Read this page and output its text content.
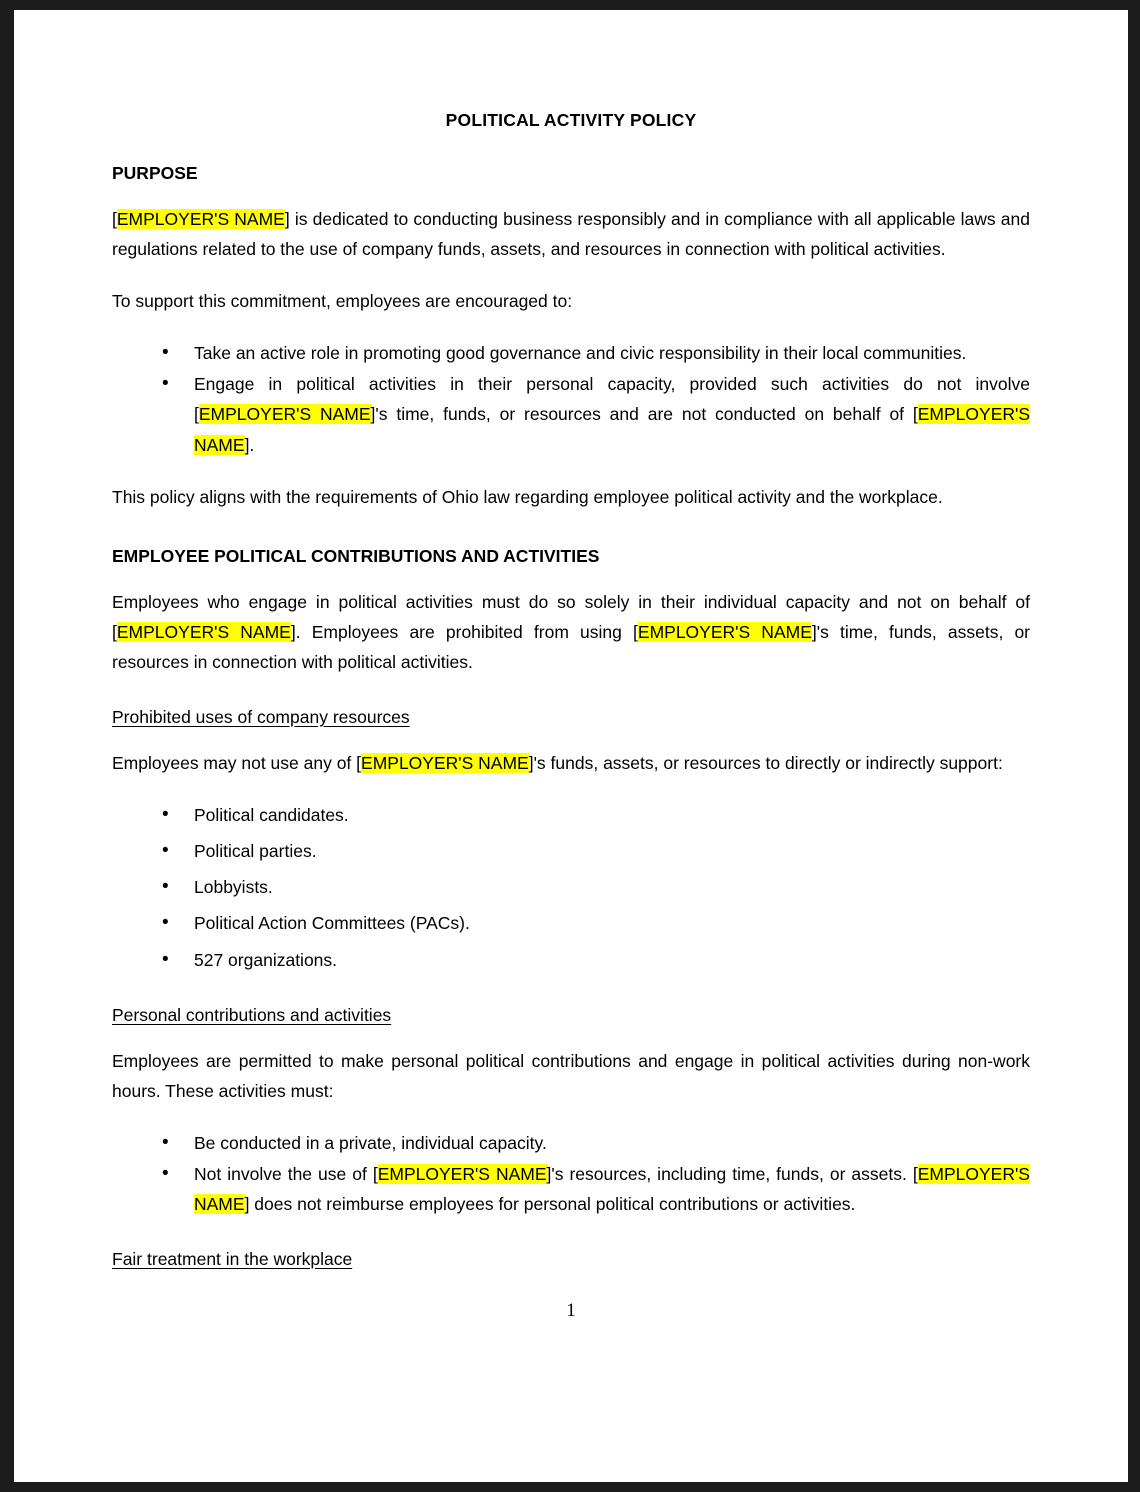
POLITICAL ACTIVITY POLICY
PURPOSE

[EMPLOYER'S NAME] is dedicated to conducting business responsibly and in compliance with all applicable laws and regulations related to the use of company funds, assets, and resources in connection with political activities.

To support this commitment, employees are encouraged to:

• Take an active role in promoting good governance and civic responsibility in their local communities.
• Engage in political activities in their personal capacity, provided such activities do not involve [EMPLOYER'S NAME]'s time, funds, or resources and are not conducted on behalf of [EMPLOYER'S NAME].

This policy aligns with the requirements of Ohio law regarding employee political activity and the workplace.

EMPLOYEE POLITICAL CONTRIBUTIONS AND ACTIVITIES

Employees who engage in political activities must do so solely in their individual capacity and not on behalf of [EMPLOYER'S NAME]. Employees are prohibited from using [EMPLOYER'S NAME]'s time, funds, assets, or resources in connection with political activities.

Prohibited uses of company resources

Employees may not use any of [EMPLOYER'S NAME]'s funds, assets, or resources to directly or indirectly support:

• Political candidates.
• Political parties.
• Lobbyists.
• Political Action Committees (PACs).
• 527 organizations.
Personal contributions and activities

Employees are permitted to make personal political contributions and engage in political activities during non-work hours. These activities must:

• Be conducted in a private, individual capacity.
• Not involve the use of [EMPLOYER'S NAME]'s resources, including time, funds, or assets. [EMPLOYER'S NAME] does not reimburse employees for personal political contributions or activities.
Fair treatment in the workplace
1
